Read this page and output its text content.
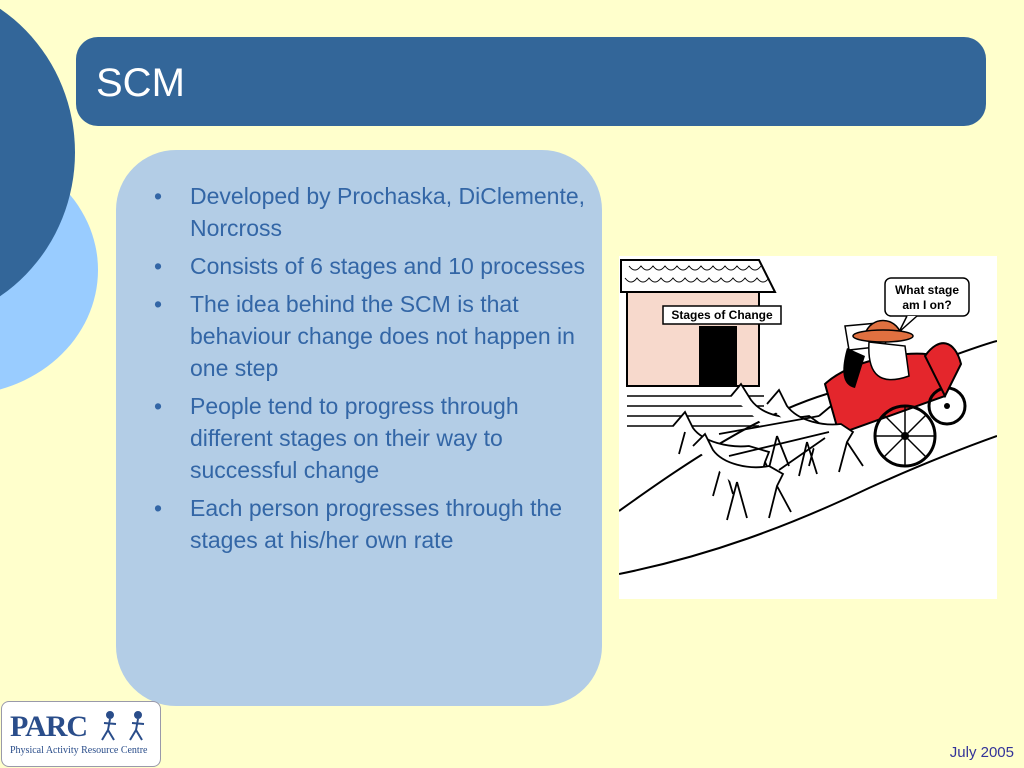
SCM
• Developed by Prochaska, DiClemente, Norcross
• Consists of 6 stages and 10 processes
• The idea behind the SCM is that behaviour change does not happen in one step
• People tend to progress through different stages on their way to successful change
• Each person progresses through the stages at his/her own rate
Stages of Change
What stage
am I on?
PARC
Physical Activity Resource Centre	July 2005
